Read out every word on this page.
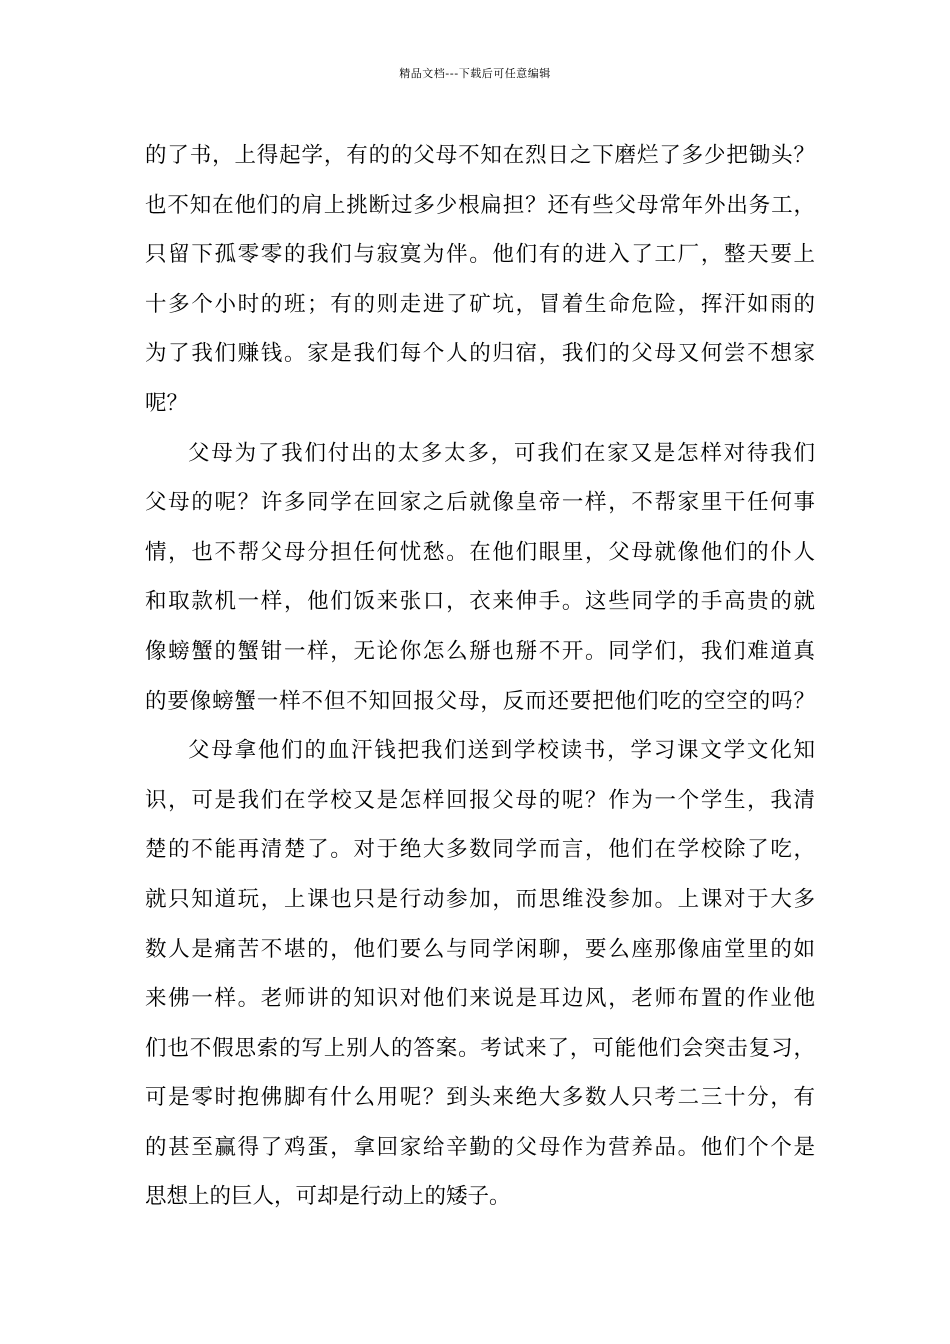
精品文档---下载后可任意编辑
的了书，上得起学，有的的父母不知在烈日之下磨烂了多少把锄头？
也不知在他们的肩上挑断过多少根扁担？还有些父母常年外出务工，
只留下孤零零的我们与寂寞为伴。他们有的进入了工厂，整天要上
十多个小时的班；有的则走进了矿坑，冒着生命危险，挥汗如雨的
为了我们赚钱。家是我们每个人的归宿，我们的父母又何尝不想家
呢？
父母为了我们付出的太多太多，可我们在家又是怎样对待我们
父母的呢？许多同学在回家之后就像皇帝一样，不帮家里干任何事
情，也不帮父母分担任何忧愁。在他们眼里，父母就像他们的仆人
和取款机一样，他们饭来张口，衣来伸手。这些同学的手高贵的就
像螃蟹的蟹钳一样，无论你怎么掰也掰不开。同学们，我们难道真
的要像螃蟹一样不但不知回报父母，反而还要把他们吃的空空的吗？
父母拿他们的血汗钱把我们送到学校读书，学习课文学文化知
识，可是我们在学校又是怎样回报父母的呢？作为一个学生，我清
楚的不能再清楚了。对于绝大多数同学而言，他们在学校除了吃，
就只知道玩，上课也只是行动参加，而思维没参加。上课对于大多
数人是痛苦不堪的，他们要么与同学闲聊，要么座那像庙堂里的如
来佛一样。老师讲的知识对他们来说是耳边风，老师布置的作业他
们也不假思索的写上别人的答案。考试来了，可能他们会突击复习，
可是零时抱佛脚有什么用呢？到头来绝大多数人只考二三十分，有
的甚至赢得了鸡蛋，拿回家给辛勤的父母作为营养品。他们个个是
思想上的巨人，可却是行动上的矮子。
